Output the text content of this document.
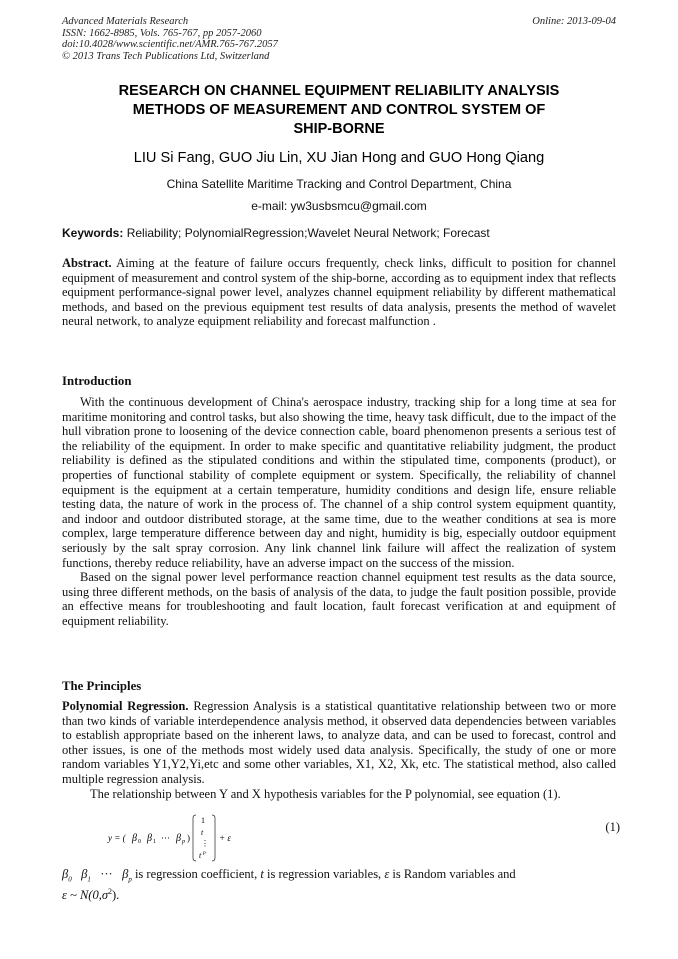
Advanced Materials Research
ISSN: 1662-8985, Vols. 765-767, pp 2057-2060
doi:10.4028/www.scientific.net/AMR.765-767.2057
© 2013 Trans Tech Publications Ltd, Switzerland
Online: 2013-09-04
RESEARCH ON CHANNEL EQUIPMENT RELIABILITY ANALYSIS
METHODS OF MEASUREMENT AND CONTROL SYSTEM OF
SHIP-BORNE
LIU Si Fang, GUO Jiu Lin, XU Jian Hong and GUO Hong Qiang
China Satellite Maritime Tracking and Control Department, China
e-mail: yw3usbsmcu@gmail.com
Keywords: Reliability; PolynomialRegression;Wavelet Neural Network; Forecast
Abstract. Aiming at the feature of failure occurs frequently, check links, difficult to position for channel equipment of measurement and control system of the ship-borne, according as to equipment index that reflects equipment performance-signal power level, analyzes channel equipment reliability by different mathematical methods, and based on the previous equipment test results of data analysis, presents the method of wavelet neural network, to analyze equipment reliability and forecast malfunction .
Introduction
With the continuous development of China's aerospace industry, tracking ship for a long time at sea for maritime monitoring and control tasks, but also showing the time, heavy task difficult, due to the impact of the hull vibration prone to loosening of the device connection cable, board phenomenon presents a serious test of the reliability of the equipment. In order to make specific and quantitative reliability judgment, the product reliability is defined as the stipulated conditions and within the stipulated time, components (product), or properties of functional stability of complete equipment or system. Specifically, the reliability of channel equipment is the equipment at a certain temperature, humidity conditions and design life, ensure reliable testing data, the nature of work in the process of. The channel of a ship control system equipment quantity, and indoor and outdoor distributed storage, at the same time, due to the weather conditions at sea is more complex, large temperature difference between day and night, humidity is big, especially outdoor equipment seriously by the salt spray corrosion. Any link channel link failure will affect the realization of system functions, thereby reduce reliability, have an adverse impact on the success of the mission.
Based on the signal power level performance reaction channel equipment test results as the data source, using three different methods, on the basis of analysis of the data, to judge the fault position possible, provide an effective means for troubleshooting and fault location, fault forecast verification at and equipment of equipment reliability.
The Principles
Polynomial Regression. Regression Analysis is a statistical quantitative relationship between two or more than two kinds of variable interdependence analysis method, it observed data dependencies between variables to establish appropriate based on the inherent laws, to analyze data, and can be used to forecast, control and other issues, is one of the methods most widely used data analysis. Specifically, the study of one or more random variables Y1,Y2,Yi,etc and some other variables, X1, X2, Xk, etc. The statistical method, also called multiple regression analysis.
The relationship between Y and X hypothesis variables for the P polynomial, see equation (1).
y = ( β 0 β 1 ··· β p )
1
t
⋮
t p
+ ε
(1)
$\beta_0$ $\beta_1$ ··· $\beta_p$ is regression coefficient, t is regression variables, ε is Random variables and
ε ~ $N(0,\sigma^2)$.
